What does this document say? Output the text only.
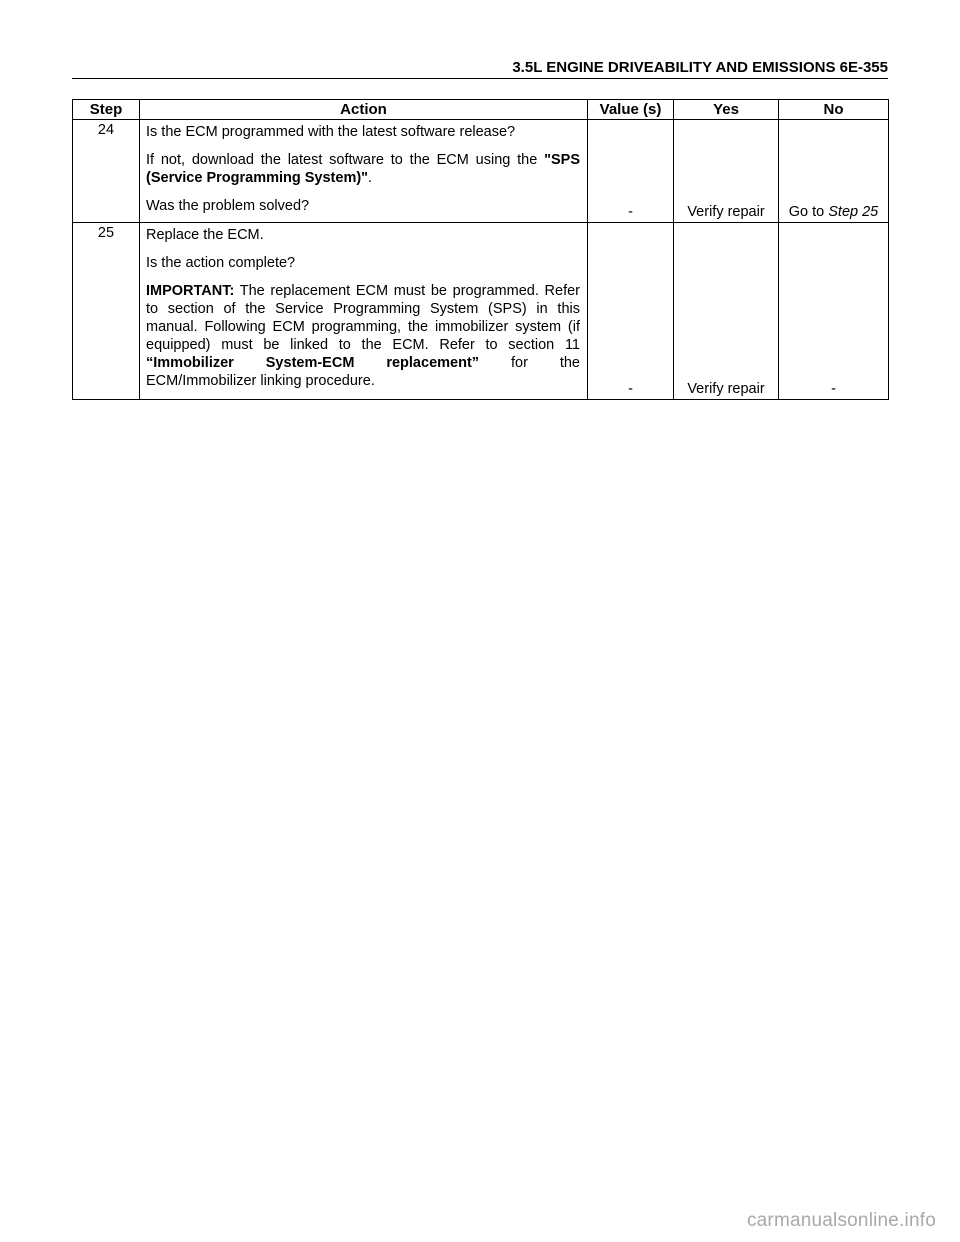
3.5L ENGINE DRIVEABILITY AND EMISSIONS 6E-355
Step	Action	Value (s)	Yes	No
24	Is the ECM programmed with the latest software release?

If not, download the latest software to the ECM using the "SPS (Service Programming System)".

Was the problem solved?	-	Verify repair	Go to Step 25
25	Replace the ECM.

Is the action complete?

IMPORTANT: The replacement ECM must be programmed. Refer to section of the Service Programming System (SPS) in this manual. Following ECM programming, the immobilizer system (if equipped) must be linked to the ECM. Refer to section 11 “Immobilizer System-ECM replacement” for the ECM/Immobilizer linking procedure.	-	Verify repair	-
carmanualsonline.info
